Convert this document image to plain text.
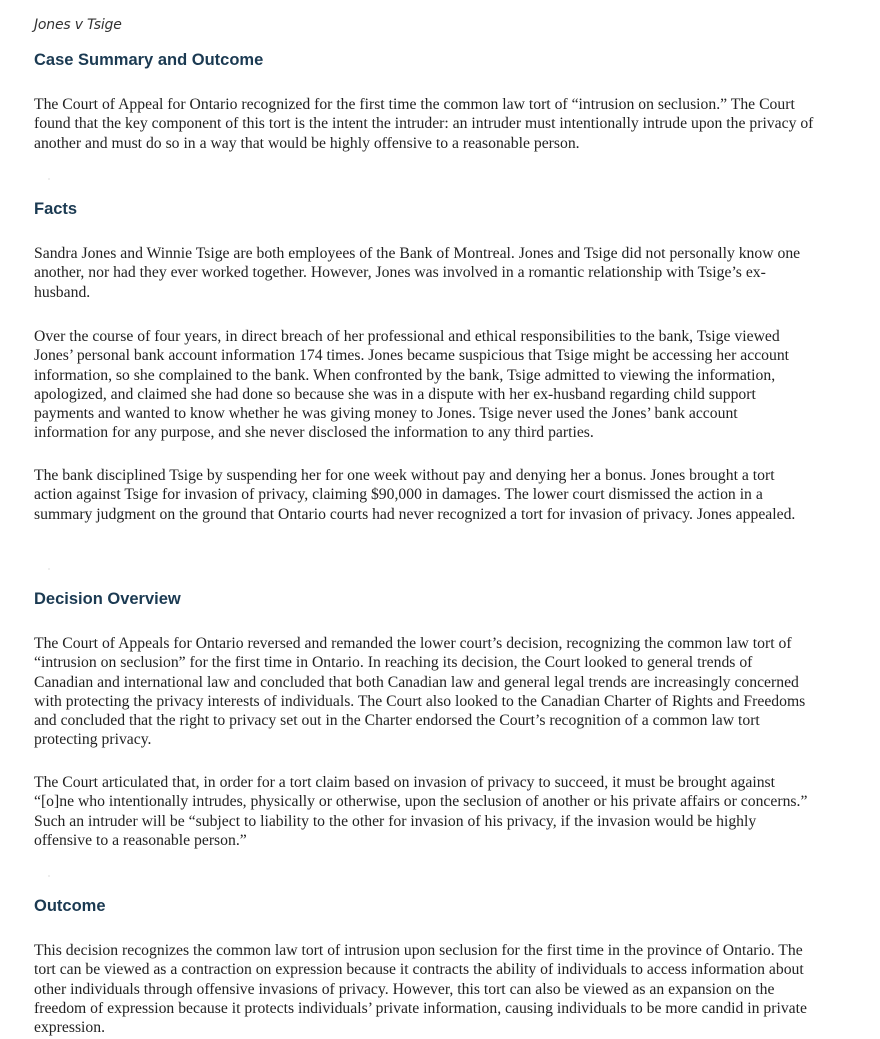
Jones v Tsige
Case Summary and Outcome
The Court of Appeal for Ontario recognized for the first time the common law tort of “intrusion on seclusion.” The Court found that the key component of this tort is the intent the intruder: an intruder must intentionally intrude upon the privacy of another and must do so in a way that would be highly offensive to a reasonable person.
Facts
Sandra Jones and Winnie Tsige are both employees of the Bank of Montreal. Jones and Tsige did not personally know one another, nor had they ever worked together. However, Jones was involved in a romantic relationship with Tsige’s ex-husband.
Over the course of four years, in direct breach of her professional and ethical responsibilities to the bank, Tsige viewed Jones’ personal bank account information 174 times. Jones became suspicious that Tsige might be accessing her account information, so she complained to the bank. When confronted by the bank, Tsige admitted to viewing the information, apologized, and claimed she had done so because she was in a dispute with her ex-husband regarding child support payments and wanted to know whether he was giving money to Jones. Tsige never used the Jones’ bank account information for any purpose, and she never disclosed the information to any third parties.
The bank disciplined Tsige by suspending her for one week without pay and denying her a bonus. Jones brought a tort action against Tsige for invasion of privacy, claiming $90,000 in damages. The lower court dismissed the action in a summary judgment on the ground that Ontario courts had never recognized a tort for invasion of privacy. Jones appealed.
Decision Overview
The Court of Appeals for Ontario reversed and remanded the lower court’s decision, recognizing the common law tort of “intrusion on seclusion” for the first time in Ontario. In reaching its decision, the Court looked to general trends of Canadian and international law and concluded that both Canadian law and general legal trends are increasingly concerned with protecting the privacy interests of individuals. The Court also looked to the Canadian Charter of Rights and Freedoms and concluded that the right to privacy set out in the Charter endorsed the Court’s recognition of a common law tort protecting privacy.
The Court articulated that, in order for a tort claim based on invasion of privacy to succeed, it must be brought against “[o]ne who intentionally intrudes, physically or otherwise, upon the seclusion of another or his private affairs or concerns.” Such an intruder will be “subject to liability to the other for invasion of his privacy, if the invasion would be highly offensive to a reasonable person.”
Outcome
This decision recognizes the common law tort of intrusion upon seclusion for the first time in the province of Ontario. The tort can be viewed as a contraction on expression because it contracts the ability of individuals to access information about other individuals through offensive invasions of privacy. However, this tort can also be viewed as an expansion on the freedom of expression because it protects individuals’ private information, causing individuals to be more candid in private expression.
